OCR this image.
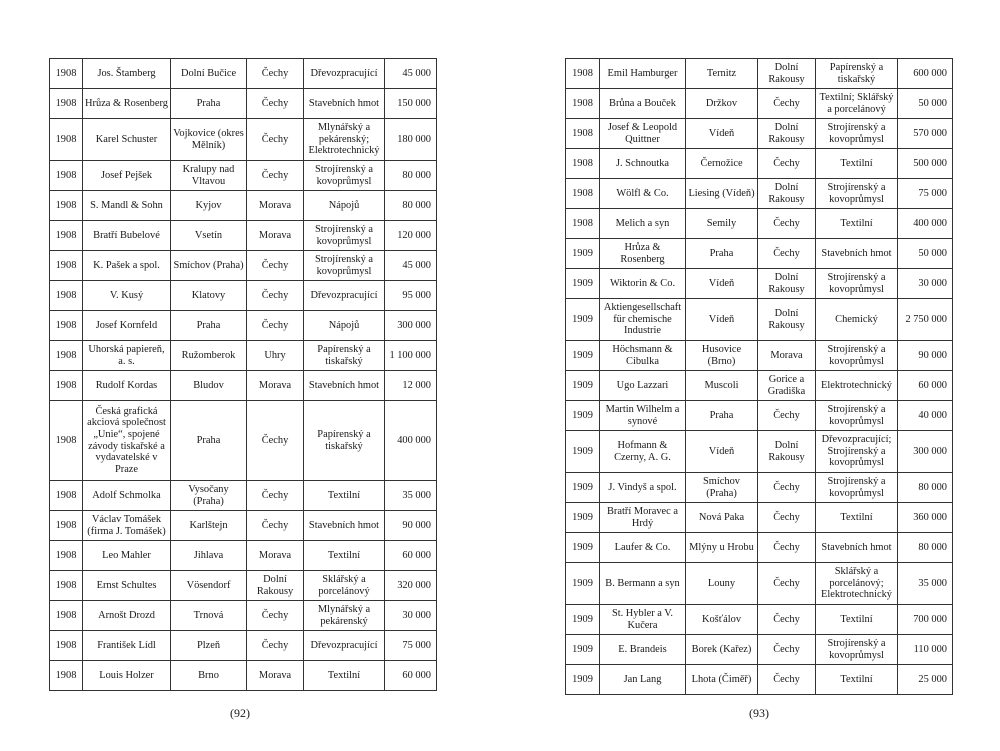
1908	Jos. Štamberg	Dolní Bučice	Čechy	Dřevozpracující	45 000
1908	Hrůza & Rosenberg	Praha	Čechy	Stavebních hmot	150 000
1908	Karel Schuster	Vojkovice (okres Mělník)	Čechy	Mlynářský a pekárenský; Elektrotechnický	180 000
1908	Josef Pejšek	Kralupy nad Vltavou	Čechy	Strojírenský a kovoprůmysl	80 000
1908	S. Mandl & Sohn	Kyjov	Morava	Nápojů	80 000
1908	Bratří Bubelové	Vsetín	Morava	Strojírenský a kovoprůmysl	120 000
1908	K. Pašek a spol.	Smíchov (Praha)	Čechy	Strojírenský a kovoprůmysl	45 000
1908	V. Kusý	Klatovy	Čechy	Dřevozpracující	95 000
1908	Josef Kornfeld	Praha	Čechy	Nápojů	300 000
1908	Uhorská papiereň, a. s.	Ružomberok	Uhry	Papírenský a tiskařský	1 100 000
1908	Rudolf Kordas	Bludov	Morava	Stavebních hmot	12 000
1908	Česká grafická akciová společnost „Unie“, spojené závody tiskařské a vydavatelské v Praze	Praha	Čechy	Papírenský a tiskařský	400 000
1908	Adolf Schmolka	Vysočany (Praha)	Čechy	Textilní	35 000
1908	Václav Tomášek (firma J. Tomášek)	Karlštejn	Čechy	Stavebních hmot	90 000
1908	Leo Mahler	Jihlava	Morava	Textilní	60 000
1908	Ernst Schultes	Vösendorf	Dolní Rakousy	Sklářský a porcelánový	320 000
1908	Arnošt Drozd	Trnová	Čechy	Mlynářský a pekárenský	30 000
1908	František Lídl	Plzeň	Čechy	Dřevozpracující	75 000
1908	Louis Holzer	Brno	Morava	Textilní	60 000
(92)
1908	Emil Hamburger	Ternitz	Dolní Rakousy	Papírenský a tiskařský	600 000
1908	Brůna a Bouček	Držkov	Čechy	Textilní; Sklářský a porcelánový	50 000
1908	Josef & Leopold Quittner	Vídeň	Dolní Rakousy	Strojírenský a kovoprůmysl	570 000
1908	J. Schnoutka	Černožice	Čechy	Textilní	500 000
1908	Wölfl & Co.	Liesing (Vídeň)	Dolní Rakousy	Strojírenský a kovoprůmysl	75 000
1908	Melich a syn	Semily	Čechy	Textilní	400 000
1909	Hrůza & Rosenberg	Praha	Čechy	Stavebních hmot	50 000
1909	Wiktorin & Co.	Vídeň	Dolní Rakousy	Strojírenský a kovoprůmysl	30 000
1909	Aktiengesellschaft für chemische Industrie	Vídeň	Dolní Rakousy	Chemický	2 750 000
1909	Höchsmann & Cibulka	Husovice (Brno)	Morava	Strojírenský a kovoprůmysl	90 000
1909	Ugo Lazzari	Muscoli	Gorice a Gradiška	Elektrotechnický	60 000
1909	Martin Wilhelm a synové	Praha	Čechy	Strojírenský a kovoprůmysl	40 000
1909	Hofmann & Czerny, A. G.	Vídeň	Dolní Rakousy	Dřevozpracující; Strojírenský a kovoprůmysl	300 000
1909	J. Vindyš a spol.	Smíchov (Praha)	Čechy	Strojírenský a kovoprůmysl	80 000
1909	Bratří Moravec a Hrdý	Nová Paka	Čechy	Textilní	360 000
1909	Laufer & Co.	Mlýny u Hrobu	Čechy	Stavebních hmot	80 000
1909	B. Bermann a syn	Louny	Čechy	Sklářský a porcelánový; Elektrotechnický	35 000
1909	St. Hybler a V. Kučera	Košťálov	Čechy	Textilní	700 000
1909	E. Brandeis	Borek (Kařez)	Čechy	Strojírenský a kovoprůmysl	110 000
1909	Jan Lang	Lhota (Čiměř)	Čechy	Textilní	25 000
(93)
